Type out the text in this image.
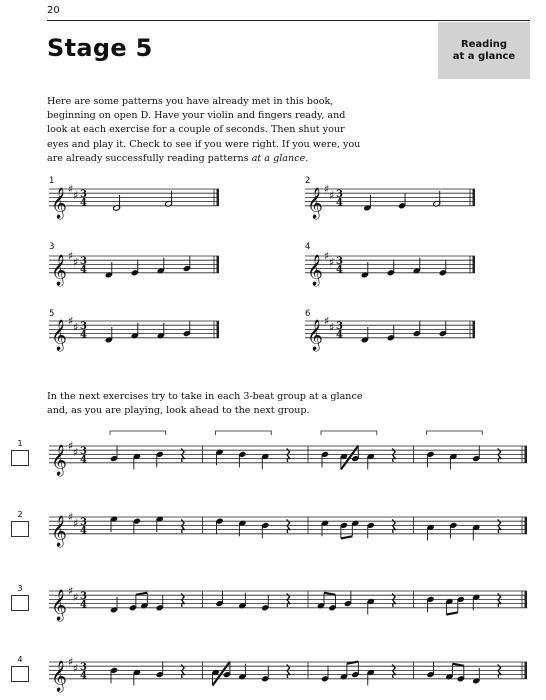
20
Stage 5	Reading
at a glance
Here are some patterns you have already met in this book, beginning on open D. Have your violin and fingers ready, and look at each exercise for a couple of seconds. Then shut your eyes and play it. Check to see if you were right. If you were, you are already successfully reading patterns at a glance.
In the next exercises try to take in each 3-beat group at a glance and, as you are playing, look ahead to the next group.
1
𝄞 ♯ ♯ 3
4
2
𝄞 ♯ ♯ 3
4
3
𝄞 ♯ ♯ 3
4
4
𝄞 ♯ ♯ 3
4
5
𝄞 ♯ ♯ 3
4
6
𝄞 ♯ ♯ 3
4
1
𝄞 ♯ ♯ 3
4
2
𝄞 ♯ ♯ 3
4
3
𝄞 ♯ ♯ 3
4
4
𝄞 ♯ ♯ 3
4
